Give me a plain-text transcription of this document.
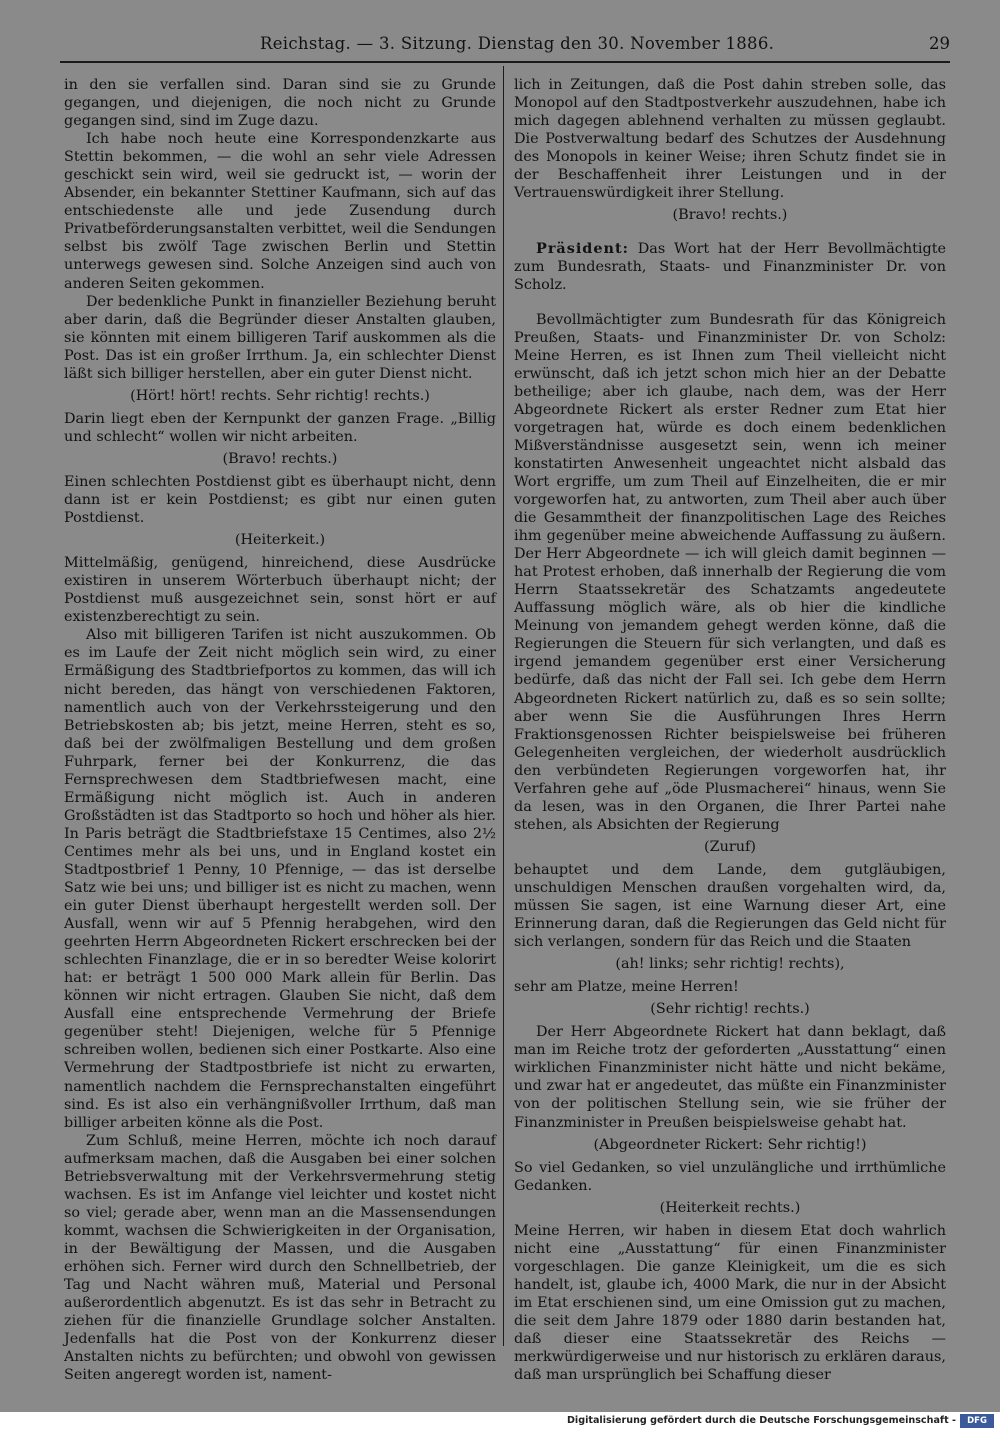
Reichstag. — 3. Sitzung. Dienstag den 30. November 1886.	29

in den sie verfallen sind. Daran sind sie zu Grunde gegangen, und diejenigen, die noch nicht zu Grunde gegangen sind, sind im Zuge dazu.

Ich habe noch heute eine Korrespondenzkarte aus Stettin bekommen, — die wohl an sehr viele Adressen geschickt sein wird, weil sie gedruckt ist, — worin der Absender, ein bekannter Stettiner Kaufmann, sich auf das entschiedenste alle und jede Zusendung durch Privatbeförderungsanstalten verbittet, weil die Sendungen selbst bis zwölf Tage zwischen Berlin und Stettin unterwegs gewesen sind. Solche Anzeigen sind auch von anderen Seiten gekommen.

Der bedenkliche Punkt in finanzieller Beziehung beruht aber darin, daß die Begründer dieser Anstalten glauben, sie könnten mit einem billigeren Tarif auskommen als die Post. Das ist ein großer Irrthum. Ja, ein schlechter Dienst läßt sich billiger herstellen, aber ein guter Dienst nicht.

(Hört! hört! rechts. Sehr richtig! rechts.)

Darin liegt eben der Kernpunkt der ganzen Frage. „Billig und schlecht“ wollen wir nicht arbeiten.

(Bravo! rechts.)

Einen schlechten Postdienst gibt es überhaupt nicht, denn dann ist er kein Postdienst; es gibt nur einen guten Postdienst.

(Heiterkeit.)

Mittelmäßig, genügend, hinreichend, diese Ausdrücke existiren in unserem Wörterbuch überhaupt nicht; der Postdienst muß ausgezeichnet sein, sonst hört er auf existenzberechtigt zu sein.

Also mit billigeren Tarifen ist nicht auszukommen. Ob es im Laufe der Zeit nicht möglich sein wird, zu einer Ermäßigung des Stadtbriefportos zu kommen, das will ich nicht bereden, das hängt von verschiedenen Faktoren, namentlich auch von der Verkehrssteigerung und den Betriebskosten ab; bis jetzt, meine Herren, steht es so, daß bei der zwölfmaligen Bestellung und dem großen Fuhrpark, ferner bei der Konkurrenz, die das Fernsprechwesen dem Stadtbriefwesen macht, eine Ermäßigung nicht möglich ist. Auch in anderen Großstädten ist das Stadtporto so hoch und höher als hier. In Paris beträgt die Stadtbriefstaxe 15 Centimes, also 2½ Centimes mehr als bei uns, und in England kostet ein Stadtpostbrief 1 Penny, 10 Pfennige, — das ist derselbe Satz wie bei uns; und billiger ist es nicht zu machen, wenn ein guter Dienst überhaupt hergestellt werden soll. Der Ausfall, wenn wir auf 5 Pfennig herabgehen, wird den geehrten Herrn Abgeordneten Rickert erschrecken bei der schlechten Finanzlage, die er in so beredter Weise kolorirt hat: er beträgt 1 500 000 Mark allein für Berlin. Das können wir nicht ertragen. Glauben Sie nicht, daß dem Ausfall eine entsprechende Vermehrung der Briefe gegenüber steht! Diejenigen, welche für 5 Pfennige schreiben wollen, bedienen sich einer Postkarte. Also eine Vermehrung der Stadtpostbriefe ist nicht zu erwarten, namentlich nachdem die Fernsprechanstalten eingeführt sind. Es ist also ein verhängnißvoller Irrthum, daß man billiger arbeiten könne als die Post.

Zum Schluß, meine Herren, möchte ich noch darauf aufmerksam machen, daß die Ausgaben bei einer solchen Betriebsverwaltung mit der Verkehrsvermehrung stetig wachsen. Es ist im Anfange viel leichter und kostet nicht so viel; gerade aber, wenn man an die Massensendungen kommt, wachsen die Schwierigkeiten in der Organisation, in der Bewältigung der Massen, und die Ausgaben erhöhen sich. Ferner wird durch den Schnellbetrieb, der Tag und Nacht währen muß, Material und Personal außerordentlich abgenutzt. Es ist das sehr in Betracht zu ziehen für die finanzielle Grundlage solcher Anstalten. Jedenfalls hat die Post von der Konkurrenz dieser Anstalten nichts zu befürchten; und obwohl von gewissen Seiten angeregt worden ist, nament-

lich in Zeitungen, daß die Post dahin streben solle, das Monopol auf den Stadtpostverkehr auszudehnen, habe ich mich dagegen ablehnend verhalten zu müssen geglaubt. Die Postverwaltung bedarf des Schutzes der Ausdehnung des Monopols in keiner Weise; ihren Schutz findet sie in der Beschaffenheit ihrer Leistungen und in der Vertrauenswürdigkeit ihrer Stellung.

(Bravo! rechts.)

Präsident: Das Wort hat der Herr Bevollmächtigte zum Bundesrath, Staats- und Finanzminister Dr. von Scholz.

Bevollmächtigter zum Bundesrath für das Königreich Preußen, Staats- und Finanzminister Dr. von Scholz: Meine Herren, es ist Ihnen zum Theil vielleicht nicht erwünscht, daß ich jetzt schon mich hier an der Debatte betheilige; aber ich glaube, nach dem, was der Herr Abgeordnete Rickert als erster Redner zum Etat hier vorgetragen hat, würde es doch einem bedenklichen Mißverständnisse ausgesetzt sein, wenn ich meiner konstatirten Anwesenheit ungeachtet nicht alsbald das Wort ergriffe, um zum Theil auf Einzelheiten, die er mir vorgeworfen hat, zu antworten, zum Theil aber auch über die Gesammtheit der finanzpolitischen Lage des Reiches ihm gegenüber meine abweichende Auffassung zu äußern. Der Herr Abgeordnete — ich will gleich damit beginnen — hat Protest erhoben, daß innerhalb der Regierung die vom Herrn Staatssekretär des Schatzamts angedeutete Auffassung möglich wäre, als ob hier die kindliche Meinung von jemandem gehegt werden könne, daß die Regierungen die Steuern für sich verlangten, und daß es irgend jemandem gegenüber erst einer Versicherung bedürfe, daß das nicht der Fall sei. Ich gebe dem Herrn Abgeordneten Rickert natürlich zu, daß es so sein sollte; aber wenn Sie die Ausführungen Ihres Herrn Fraktionsgenossen Richter beispielsweise bei früheren Gelegenheiten vergleichen, der wiederholt ausdrücklich den verbündeten Regierungen vorgeworfen hat, ihr Verfahren gehe auf „öde Plusmacherei“ hinaus, wenn Sie da lesen, was in den Organen, die Ihrer Partei nahe stehen, als Absichten der Regierung

(Zuruf)

behauptet und dem Lande, dem gutgläubigen, unschuldigen Menschen draußen vorgehalten wird, da, müssen Sie sagen, ist eine Warnung dieser Art, eine Erinnerung daran, daß die Regierungen das Geld nicht für sich verlangen, sondern für das Reich und die Staaten

(ah! links; sehr richtig! rechts),

sehr am Platze, meine Herren!

(Sehr richtig! rechts.)

Der Herr Abgeordnete Rickert hat dann beklagt, daß man im Reiche trotz der geforderten „Ausstattung“ einen wirklichen Finanzminister nicht hätte und nicht bekäme, und zwar hat er angedeutet, das müßte ein Finanzminister von der politischen Stellung sein, wie sie früher der Finanzminister in Preußen beispielsweise gehabt hat.

(Abgeordneter Rickert: Sehr richtig!)

So viel Gedanken, so viel unzulängliche und irrthümliche Gedanken.

(Heiterkeit rechts.)

Meine Herren, wir haben in diesem Etat doch wahrlich nicht eine „Ausstattung“ für einen Finanzminister vorgeschlagen. Die ganze Kleinigkeit, um die es sich handelt, ist, glaube ich, 4000 Mark, die nur in der Absicht im Etat erschienen sind, um eine Omission gut zu machen, die seit dem Jahre 1879 oder 1880 darin bestanden hat, daß dieser eine Staatssekretär des Reichs — merkwürdigerweise und nur historisch zu erklären daraus, daß man ursprünglich bei Schaffung dieser

Digitalisierung gefördert durch die Deutsche Forschungsgemeinschaft -	DFG
